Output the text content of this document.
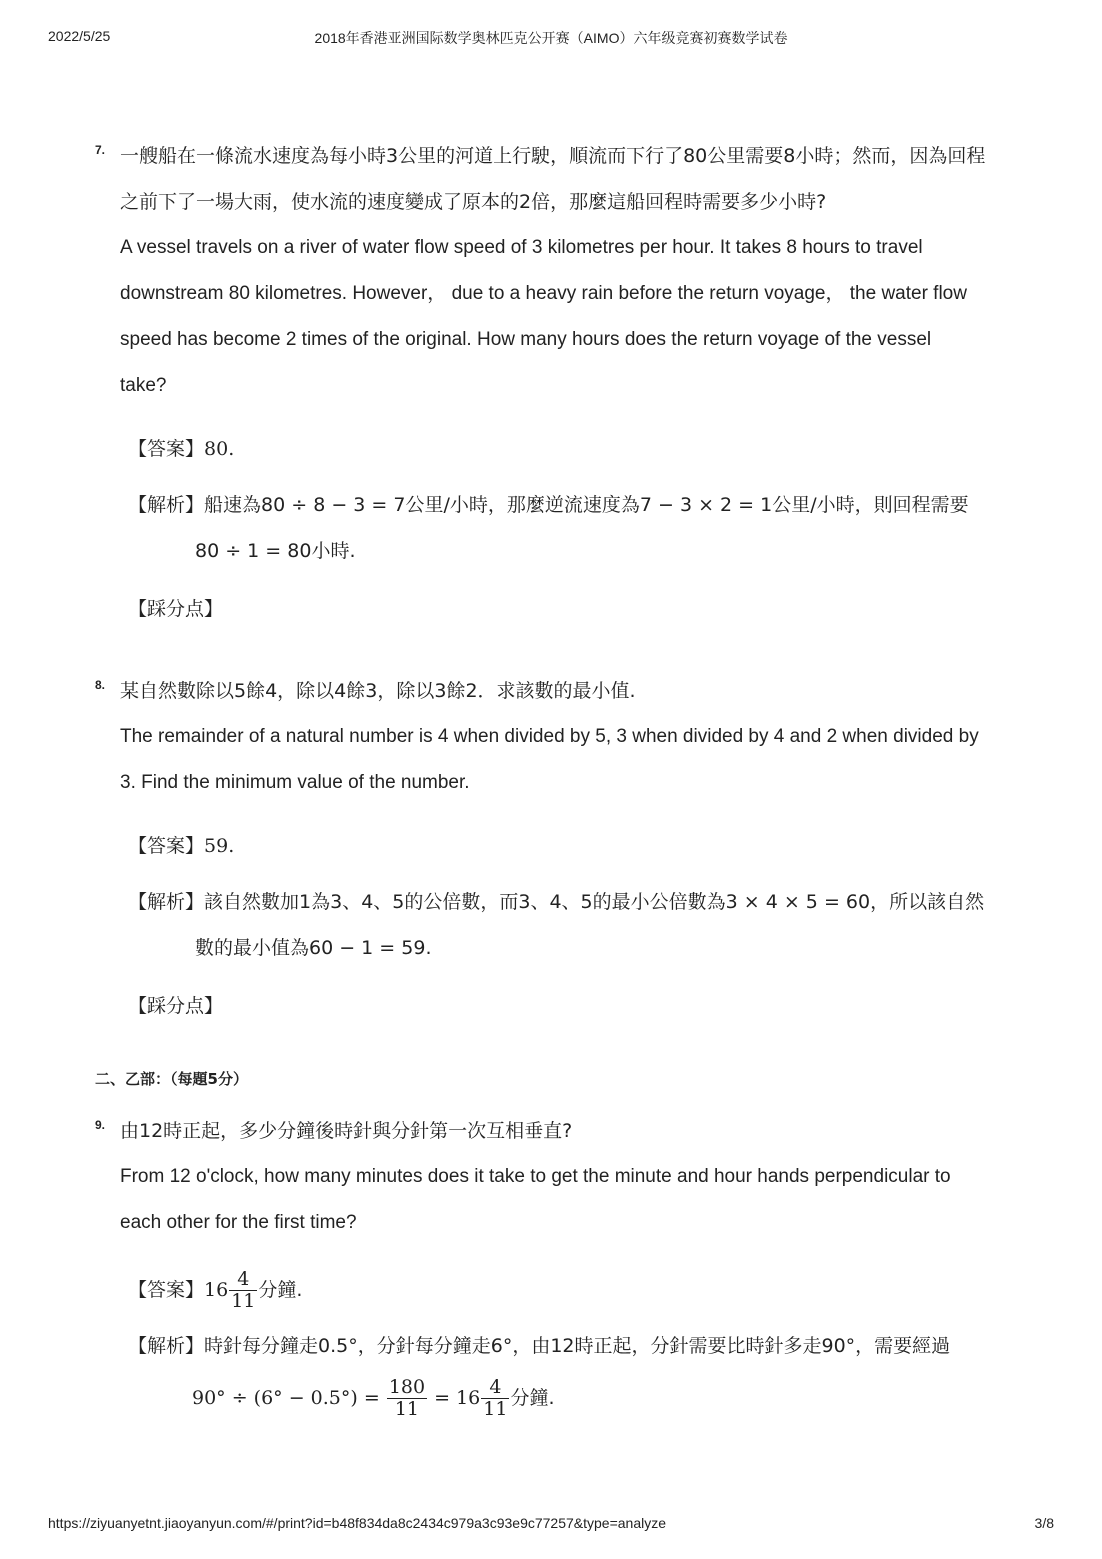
2022/5/25	2018年香港亚洲国际数学奥林匹克公开赛（AIMO）六年级竞赛初赛数学试卷
7. 一艘船在一條流水速度為每小時3公里的河道上行駛，順流而下行了80公里需要8小時；然而，因為回程
之前下了一場大雨，使水流的速度變成了原本的2倍，那麼這船回程時需要多少小時?
A vessel travels on a river of water flow speed of 3 kilometres per hour. It takes 8 hours to travel
downstream 80 kilometres. However， due to a heavy rain before the return voyage， the water flow
speed has become 2 times of the original. How many hours does the return voyage of the vessel
take?
【答案】80.
【解析】船速為80 ÷ 8 − 3 = 7公里/小時，那麼逆流速度為7 − 3 × 2 = 1公里/小時，則回程需要
80 ÷ 1 = 80小時.
【踩分点】
8. 某自然數除以5餘4，除以4餘3，除以3餘2．求該數的最小值.
The remainder of a natural number is 4 when divided by 5, 3 when divided by 4 and 2 when divided by
3. Find the minimum value of the number.
【答案】59.
【解析】該自然數加1為3、4、5的公倍數，而3、4、5的最小公倍數為3 × 4 × 5 = 60，所以該自然
數的最小值為60 − 1 = 59.
【踩分点】
二、乙部：（每題5分）
9. 由12時正起，多少分鐘後時針與分針第一次互相垂直?
From 12 o'clock, how many minutes does it take to get the minute and hour hands perpendicular to
each other for the first time?
【答案】$16 \frac{4}{11}$ 分鐘.
【解析】時針每分鐘走0.5°，分針每分鐘走6°，由12時正起，分針需要比時針多走90°，需要經過
$90^\circ \div (6^\circ - 0.5^\circ) = \frac{180}{11} = 16 \frac{4}{11}$ 分鐘.
https://ziyuanyetnt.jiaoyanyun.com/#/print?id=b48f834da8c2434c979a3c93e9c77257&type=analyze	3/8
